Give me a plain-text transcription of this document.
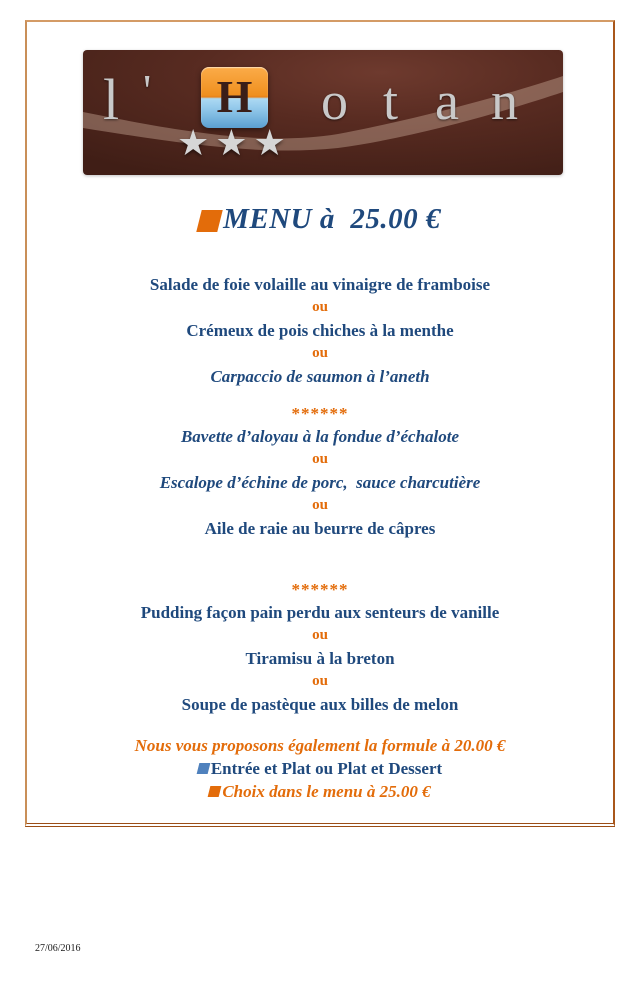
l ' H o t a n
★★★
MENU à  25.00 €
Salade de foie volaille au vinaigre de framboise
ou
Crémeux de pois chiches à la menthe
ou
Carpaccio de saumon à l’aneth
******
Bavette d’aloyau à la fondue d’échalote
ou
Escalope d’échine de porc,  sauce charcutière
ou
Aile de raie au beurre de câpres
******
Pudding façon pain perdu aux senteurs de vanille
ou
Tiramisu à la breton
ou
Soupe de pastèque aux billes de melon
Nous vous proposons également la formule à 20.00 €
Entrée et Plat ou Plat et Dessert
Choix dans le menu à 25.00 €
27/06/2016
